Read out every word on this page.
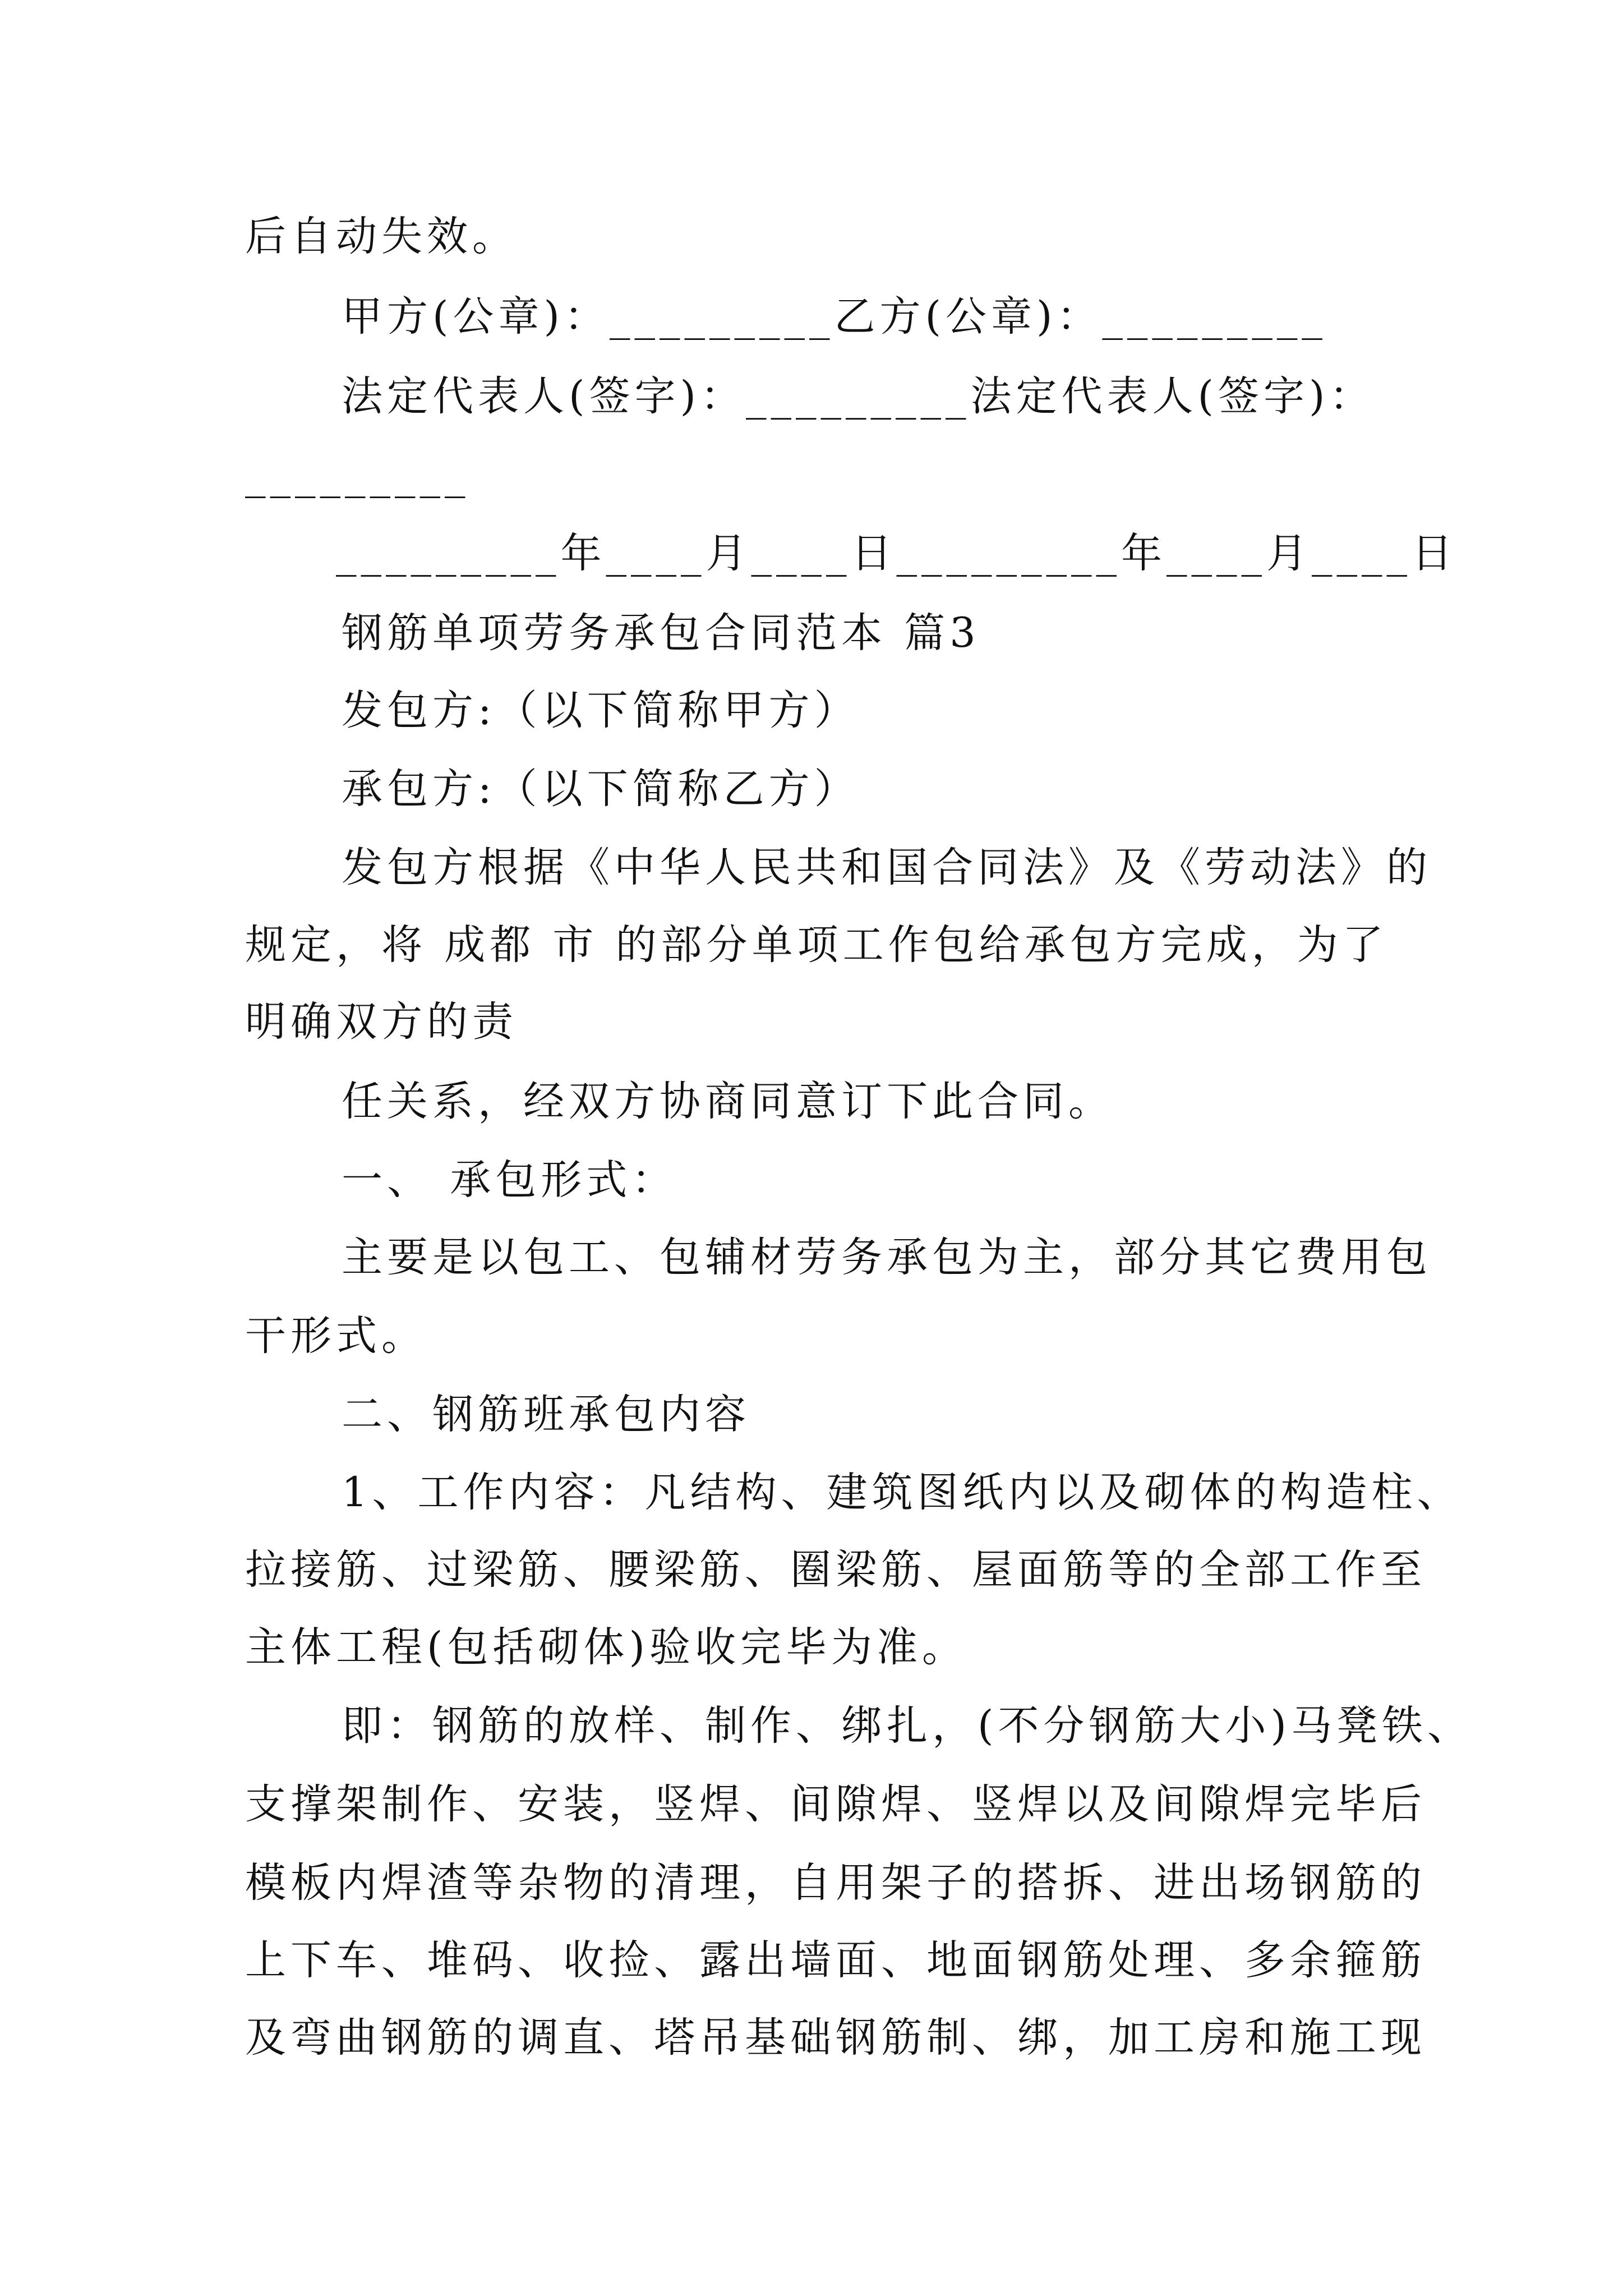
后自动失效。
甲方(公章)：_________乙方(公章)：_________
法定代表人(签字)：_________法定代表人(签字)：
_________
_________年____月____日_________年____月____日
钢筋单项劳务承包合同范本 篇3
发包方:（以下简称甲方）
承包方:（以下简称乙方）
发包方根据《中华人民共和国合同法》及《劳动法》的
规定，将 成都 市 的部分单项工作包给承包方完成，为了
明确双方的责
任关系，经双方协商同意订下此合同。
一、 承包形式：
主要是以包工、包辅材劳务承包为主，部分其它费用包
干形式。
二、钢筋班承包内容
1、工作内容：凡结构、建筑图纸内以及砌体的构造柱、
拉接筋、过梁筋、腰梁筋、圈梁筋、屋面筋等的全部工作至
主体工程(包括砌体)验收完毕为准。
即：钢筋的放样、制作、绑扎，(不分钢筋大小)马凳铁、
支撑架制作、安装，竖焊、间隙焊、竖焊以及间隙焊完毕后
模板内焊渣等杂物的清理，自用架子的搭拆、进出场钢筋的
上下车、堆码、收捡、露出墙面、地面钢筋处理、多余箍筋
及弯曲钢筋的调直、塔吊基础钢筋制、绑，加工房和施工现
